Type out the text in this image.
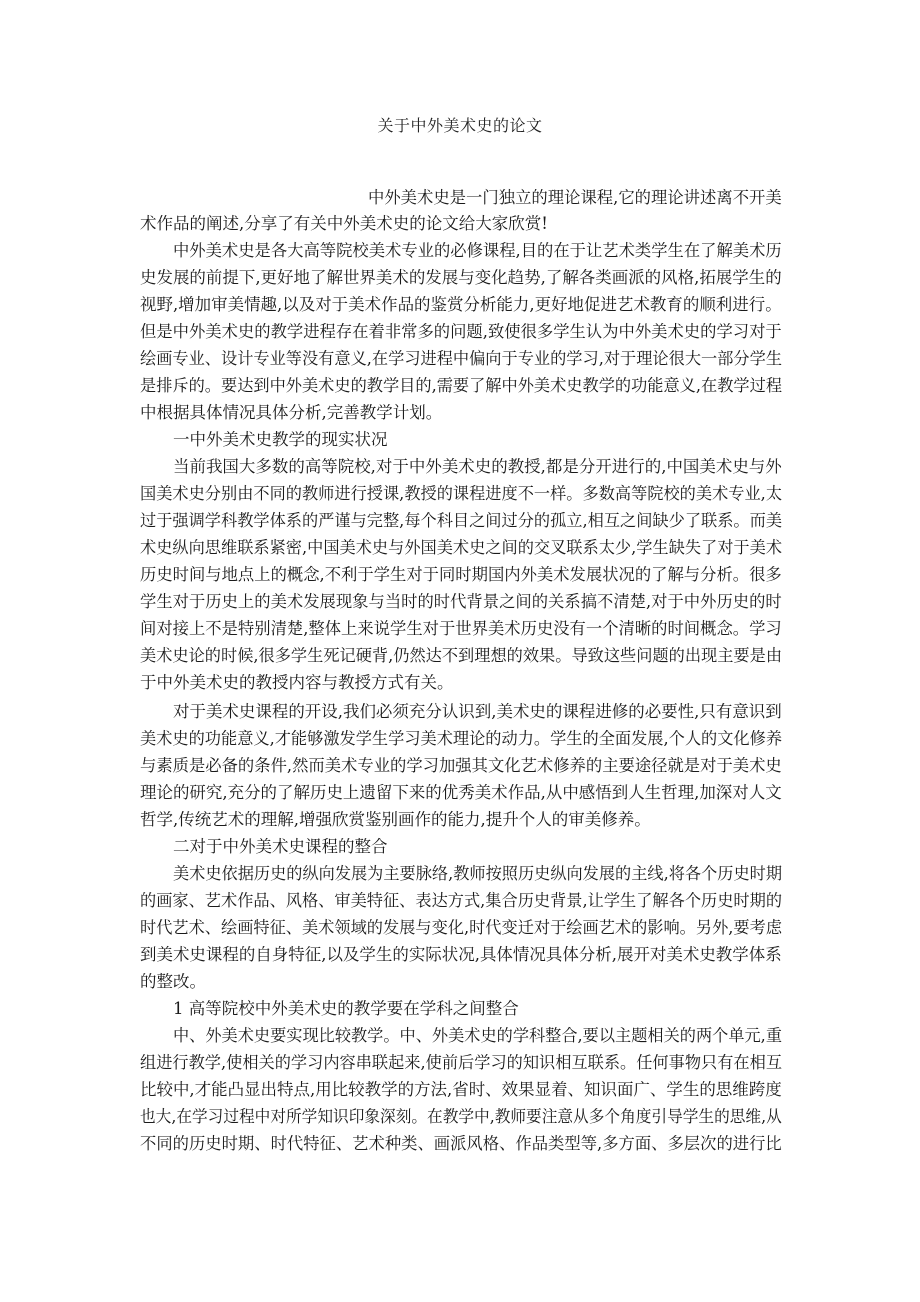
关于中外美术史的论文

中外美术史是一门独立的理论课程,它的理论讲述离不开美

术作品的阐述,分享了有关中外美术史的论文给大家欣赏!

中外美术史是各大高等院校美术专业的必修课程,目的在于让艺术类学生在了解美术历

史发展的前提下,更好地了解世界美术的发展与变化趋势,了解各类画派的风格,拓展学生的

视野,增加审美情趣,以及对于美术作品的鉴赏分析能力,更好地促进艺术教育的顺利进行。

但是中外美术史的教学进程存在着非常多的问题,致使很多学生认为中外美术史的学习对于

绘画专业、设计专业等没有意义,在学习进程中偏向于专业的学习,对于理论很大一部分学生

是排斥的。要达到中外美术史的教学目的,需要了解中外美术史教学的功能意义,在教学过程

中根据具体情况具体分析,完善教学计划。

一中外美术史教学的现实状况

当前我国大多数的高等院校,对于中外美术史的教授,都是分开进行的,中国美术史与外

国美术史分别由不同的教师进行授课,教授的课程进度不一样。多数高等院校的美术专业,太

过于强调学科教学体系的严谨与完整,每个科目之间过分的孤立,相互之间缺少了联系。而美

术史纵向思维联系紧密,中国美术史与外国美术史之间的交叉联系太少,学生缺失了对于美术

历史时间与地点上的概念,不利于学生对于同时期国内外美术发展状况的了解与分析。很多

学生对于历史上的美术发展现象与当时的时代背景之间的关系搞不清楚,对于中外历史的时

间对接上不是特别清楚,整体上来说学生对于世界美术历史没有一个清晰的时间概念。学习

美术史论的时候,很多学生死记硬背,仍然达不到理想的效果。导致这些问题的出现主要是由

于中外美术史的教授内容与教授方式有关。

对于美术史课程的开设,我们必须充分认识到,美术史的课程进修的必要性,只有意识到

美术史的功能意义,才能够激发学生学习美术理论的动力。学生的全面发展,个人的文化修养

与素质是必备的条件,然而美术专业的学习加强其文化艺术修养的主要途径就是对于美术史

理论的研究,充分的了解历史上遗留下来的优秀美术作品,从中感悟到人生哲理,加深对人文

哲学,传统艺术的理解,增强欣赏鉴别画作的能力,提升个人的审美修养。

二对于中外美术史课程的整合

美术史依据历史的纵向发展为主要脉络,教师按照历史纵向发展的主线,将各个历史时期

的画家、艺术作品、风格、审美特征、表达方式,集合历史背景,让学生了解各个历史时期的

时代艺术、绘画特征、美术领域的发展与变化,时代变迁对于绘画艺术的影响。另外,要考虑

到美术史课程的自身特征,以及学生的实际状况,具体情况具体分析,展开对美术史教学体系

的整改。

1 高等院校中外美术史的教学要在学科之间整合

中、外美术史要实现比较教学。中、外美术史的学科整合,要以主题相关的两个单元,重

组进行教学,使相关的学习内容串联起来,使前后学习的知识相互联系。任何事物只有在相互

比较中,才能凸显出特点,用比较教学的方法,省时、效果显着、知识面广、学生的思维跨度

也大,在学习过程中对所学知识印象深刻。在教学中,教师要注意从多个角度引导学生的思维,从

不同的历史时期、时代特征、艺术种类、画派风格、作品类型等,多方面、多层次的进行比
